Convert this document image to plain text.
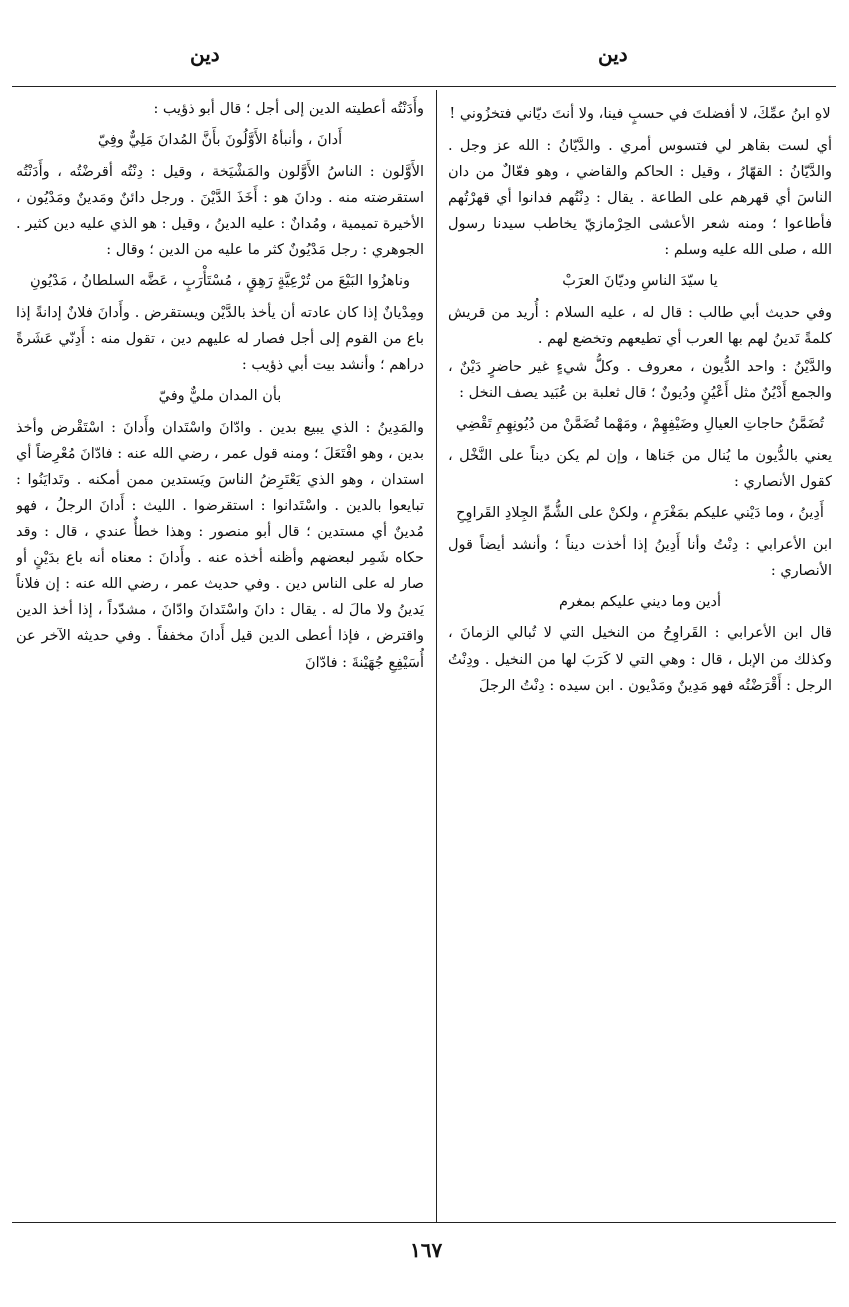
دين
دين

لاهِ ابنُ عمِّكَ، لا أفضلتَ في حسبٍ فينا، ولا أنتَ ديّاني فتخزُوني !

أي لست بقاهر لي فتسوس أمري . والدَّيّانُ : الله عز وجل . والدَّيّانُ : القهّارُ ، وقيل : الحاكم والقاضي ، وهو فعّالٌ من دان الناسَ أي قهرهم على الطاعة . يقال : دِنْتُهم فدانوا أي قهرْتُهم فأطاعوا ؛ ومنه شعر الأعشى الحِرْمازيّ يخاطب سيدنا رسول الله ، صلى الله عليه وسلم :

يا سيّدَ الناسِ وديّانَ العرَبْ

وفي حديث أبي طالب : قال له ، عليه السلام : أُريد من قريش كلمةً تَدينُ لهم بها العرب أي تطيعهم وتخضع لهم .

والدَّيْنُ : واحد الدُّيون ، معروف . وكلُّ شيءٍ غير حاضرٍ دَيْنٌ ، والجمع أَدْيُنٌ مثل أَعْيُنٍ ودُيونٌ ؛ قال ثعلبة بن عُبَيد يصف النخل :

تُضَمَّنُ حاجاتِ العيالِ وضَيْفِهِمْ ، ومَهْما تُضَمَّنْ من دُيُونِهِمِ تَقْضِي

يعني بالدُّيون ما يُنال من جَناها ، وإن لم يكن ديناً على النَّخْل ، كقول الأنصاري :

أَدِينُ ، وما دَيْني عليكم بمَغْرَمٍ ، ولكنْ على الشُّمِّ الجِلادِ القَراوِحِ

ابن الأعرابي : دِنْتُ وأنا أَدِينُ إذا أخذت ديناً ؛ وأنشد أيضاً قول الأنصاري :

أدين وما ديني عليكم بمغرم

قال ابن الأعرابي : القَراوِحُ من النخيل التي لا تُبالي الزمانَ ، وكذلك من الإبل ، قال : وهي التي لا كَرَبَ لها من النخيل . ودِنْتُ الرجل : أَقْرَضْتُه فهو مَدِينٌ ومَدْيون . ابن سيده : دِنْتُ الرجلَ

وأَدَنْتُه أعطيته الدين إلى أجل ؛ قال أبو ذؤيب :

أَدانَ ، وأنبأهُ الأَوَّلُونَ بأَنَّ المُدانَ مَلِيٌّ وفِيّ

الأَوَّلون : الناسُ الأَوَّلون والمَشْيَخة ، وقيل : دِنْتُه أقرضْتُه ، وأَدَنْتُه استقرضته منه . ودانَ هو : أَخَذَ الدَّيْنَ . ورجل دائنٌ ومَدينٌ ومَدْيُون ، الأخيرة تميمية ، ومُدانٌ : عليه الدينُ ، وقيل : هو الذي عليه دين كثير . الجوهري : رجل مَدْيُونٌ كثر ما عليه من الدين ؛ وقال :

وناهزُوا البَيْعَ من تُرْعِيَّةٍ رَهِقٍ ، مُسْتَأْرَبٍ ، عَضَّه السلطانُ ، مَدْيُونِ

ومِدْيانٌ إذا كان عادته أن يأخذ بالدَّيْن ويستقرض . وأَدانَ فلانٌ إدانةً إذا باع من القوم إلى أجل فصار له عليهم دين ، تقول منه : أَدِنّي عَشَرةً دراهم ؛ وأنشد بيت أبي ذؤيب :

بأن المدان مليٌّ وفيّ

والمَدِينُ : الذي يبيع بدين . وادّانَ واسْتَدان وأَدانَ : اسْتَقْرض وأخذ بدين ، وهو افْتَعَلَ ؛ ومنه قول عمر ، رضي الله عنه : فادّانَ مُعْرِضاً أي استدان ، وهو الذي يَعْتَرِضُ الناسَ ويَستدين ممن أمكنه . وتَدايَنُوا : تبايعوا بالدين . واسْتَدانوا : استقرضوا . الليث : أَدانَ الرجلُ ، فهو مُدينٌ أي مستدين ؛ قال أبو منصور : وهذا خطأٌ عندي ، قال : وقد حكاه شَمِر لبعضهم وأظنه أخذه عنه . وأَدانَ : معناه أنه باع بدَيْنٍ أو صار له على الناس دين . وفي حديث عمر ، رضي الله عنه : إن فلاناً يَدينُ ولا مالَ له . يقال : دانَ واسْتَدانَ وادّانَ ، مشدّداً ، إذا أخذ الدين واقترض ، فإذا أعطى الدين قيل أَدانَ مخففاً . وفي حديثه الآخر عن أُسَيْفِعِ جُهَيْنةَ : فادّانَ

١٦٧
